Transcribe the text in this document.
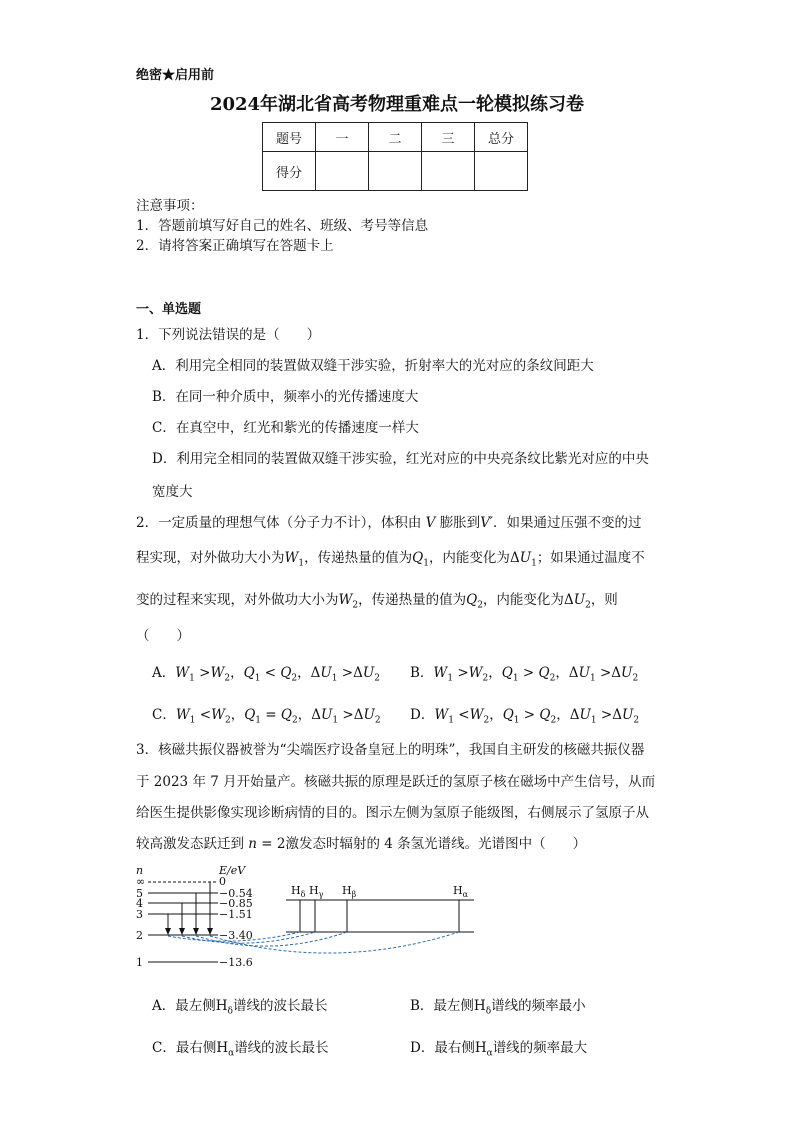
绝密★启用前
2024年湖北省高考物理重难点一轮模拟练习卷
题号	一	二	三	总分
得分				
注意事项：
1．答题前填写好自己的姓名、班级、考号等信息
2．请将答案正确填写在答题卡上
一、单选题
1．下列说法错误的是（　　）
A．利用完全相同的装置做双缝干涉实验，折射率大的光对应的条纹间距大
B．在同一种介质中，频率小的光传播速度大
C．在真空中，红光和紫光的传播速度一样大
D．利用完全相同的装置做双缝干涉实验，红光对应的中央亮条纹比紫光对应的中央
宽度大
2．一定质量的理想气体（分子力不计），体积由 V 膨胀到V′．如果通过压强不变的过
程实现，对外做功大小为$W_1$，传递热量的值为$Q_1$，内能变化为$\Delta U_1$；如果通过温度不
变的过程来实现，对外做功大小为$W_2$，传递热量的值为$Q_2$，内能变化为$\Delta U_2$，则
（　　）
A．$W_1 >W_2$，$Q_1 < Q_2$，$\Delta U_1 >\Delta U_2$ B．$W_1 >W_2$，$Q_1 > Q_2$，$\Delta U_1 >\Delta U_2$
C．$W_1 <W_2$，$Q_1 = Q_2$，$\Delta U_1 >\Delta U_2$ D．$W_1 <W_2$，$Q_1 > Q_2$，$\Delta U_1 >\Delta U_2$
3．核磁共振仪器被誉为“尖端医疗设备皇冠上的明珠”，我国自主研发的核磁共振仪器
于 2023 年 7 月开始量产。核磁共振的原理是跃迁的氢原子核在磁场中产生信号，从而
给医生提供影像实现诊断病情的目的。图示左侧为氢原子能级图，右侧展示了氢原子从
较高激发态跃迁到 n = 2激发态时辐射的 4 条氢光谱线。光谱图中（　　）
n	E/eV
∞	0
5	−0.54
4	−0.85
3	−1.51
2	−3.40
1	−13.6
$H_\delta$ $H_\gamma$ $H_\beta$	$H_\alpha$
A．最左侧$H_\delta$谱线的波长最长	B．最左侧$H_\delta$谱线的频率最小
C．最右侧$H_\alpha$谱线的波长最长	D．最右侧$H_\alpha$谱线的频率最大
